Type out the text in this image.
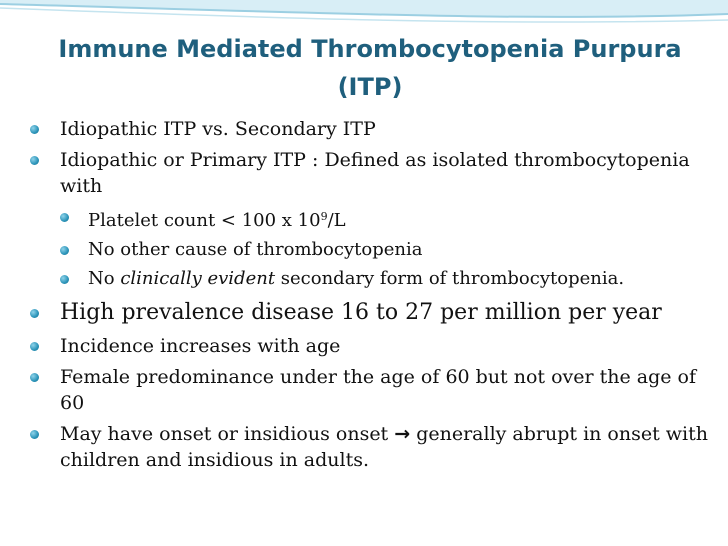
Immune Mediated Thrombocytopenia Purpura
(ITP)
Idiopathic ITP vs. Secondary ITP
Idiopathic or Primary ITP : Defined as isolated thrombocytopenia with
Platelet count < 100 x $10^9/L$
No other cause of thrombocytopenia
No clinically evident secondary form of thrombocytopenia.
High prevalence disease 16 to 27 per million per year
Incidence increases with age
Female predominance under the age of 60 but not over the age of 60
May have onset or insidious onset → generally abrupt in onset with children and insidious in adults.
